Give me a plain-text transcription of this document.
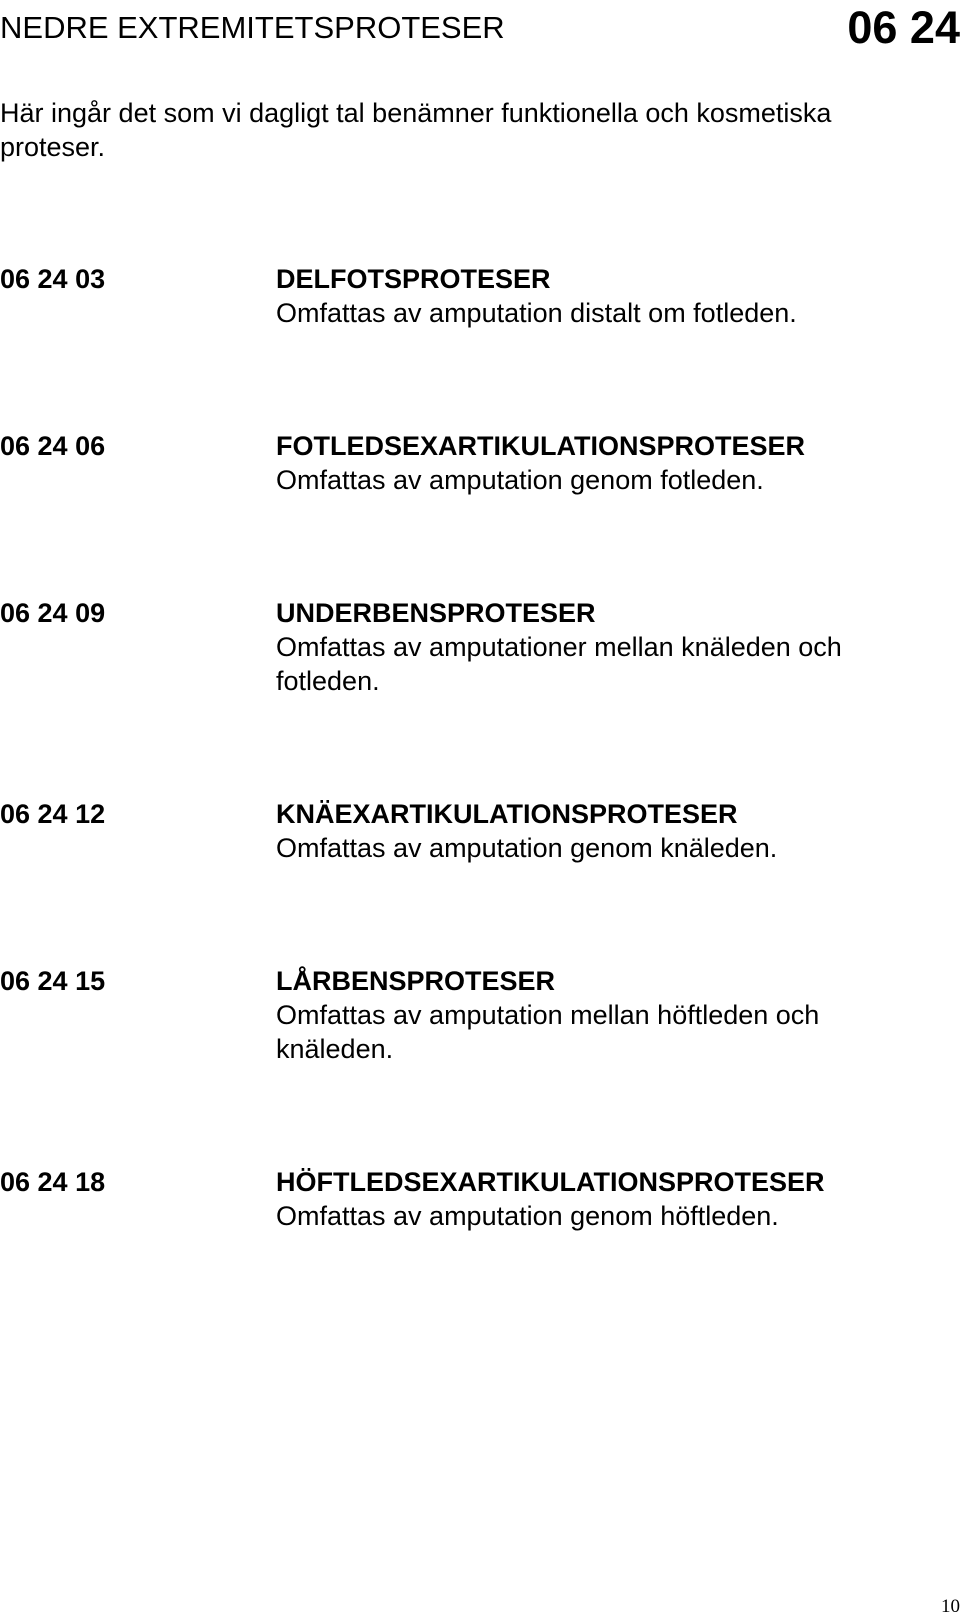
NEDRE EXTREMITETSPROTESER	06 24
Här ingår det som vi dagligt tal benämner funktionella och kosmetiska proteser.
06 24 03	DELFOTSPROTESER
Omfattas av amputation distalt om fotleden.
06 24 06	FOTLEDSEXARTIKULATIONSPROTESER
Omfattas av amputation genom fotleden.
06 24 09	UNDERBENSPROTESER
Omfattas av amputationer mellan knäleden och fotleden.
06 24 12	KNÄEXARTIKULATIONSPROTESER
Omfattas av amputation genom knäleden.
06 24 15	LÅRBENSPROTESER
Omfattas av amputation mellan höftleden och knäleden.
06 24 18	HÖFTLEDSEXARTIKULATIONSPROTESER
Omfattas av amputation genom höftleden.
10
